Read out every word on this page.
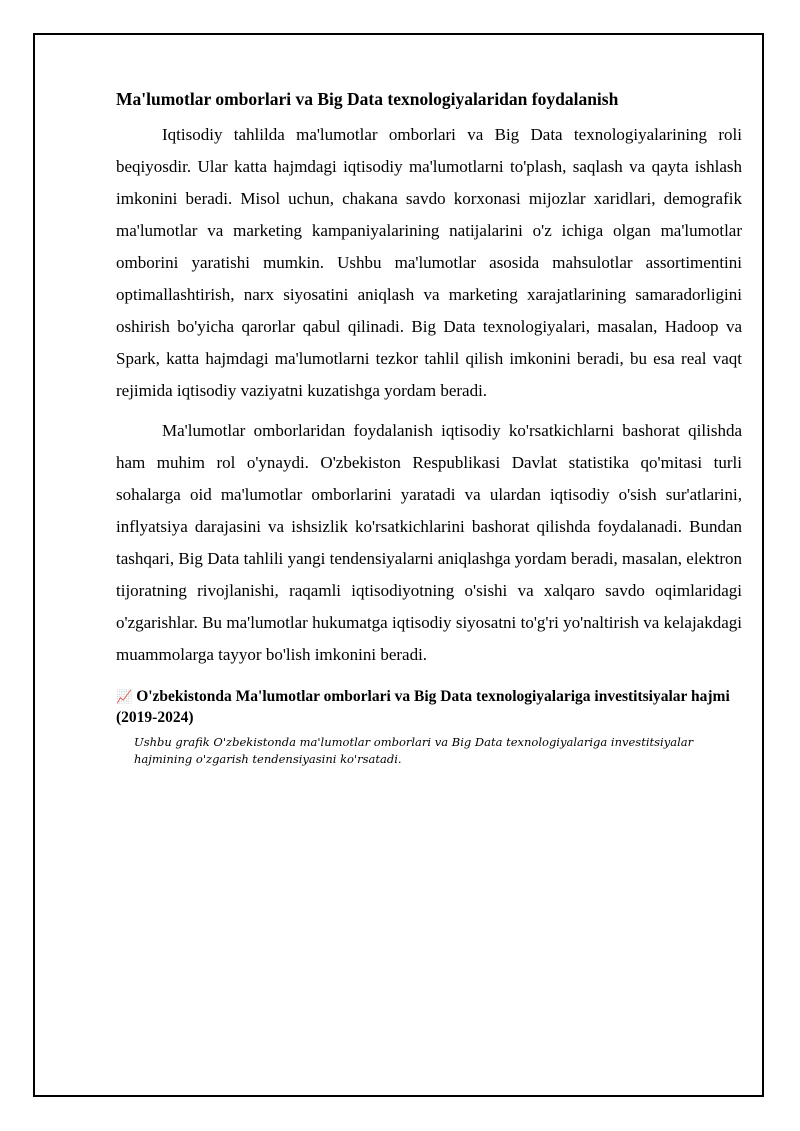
Ma'lumotlar omborlari va Big Data texnologiyalaridan foydalanish

Iqtisodiy tahlilda ma'lumotlar omborlari va Big Data texnologiyalarining roli beqiyosdir. Ular katta hajmdagi iqtisodiy ma'lumotlarni to'plash, saqlash va qayta ishlash imkonini beradi. Misol uchun, chakana savdo korxonasi mijozlar xaridlari, demografik ma'lumotlar va marketing kampaniyalarining natijalarini o'z ichiga olgan ma'lumotlar omborini yaratishi mumkin. Ushbu ma'lumotlar asosida mahsulotlar assortimentini optimallashtirish, narx siyosatini aniqlash va marketing xarajatlarining samaradorligini oshirish bo'yicha qarorlar qabul qilinadi. Big Data texnologiyalari, masalan, Hadoop va Spark, katta hajmdagi ma'lumotlarni tezkor tahlil qilish imkonini beradi, bu esa real vaqt rejimida iqtisodiy vaziyatni kuzatishga yordam beradi.

Ma'lumotlar omborlaridan foydalanish iqtisodiy ko'rsatkichlarni bashorat qilishda ham muhim rol o'ynaydi. O'zbekiston Respublikasi Davlat statistika qo'mitasi turli sohalarga oid ma'lumotlar omborlarini yaratadi va ulardan iqtisodiy o'sish sur'atlarini, inflyatsiya darajasini va ishsizlik ko'rsatkichlarini bashorat qilishda foydalanadi. Bundan tashqari, Big Data tahlili yangi tendensiyalarni aniqlashga yordam beradi, masalan, elektron tijoratning rivojlanishi, raqamli iqtisodiyotning o'sishi va xalqaro savdo oqimlaridagi o'zgarishlar. Bu ma'lumotlar hukumatga iqtisodiy siyosatni to'g'ri yo'naltirish va kelajakdagi muammolarga tayyor bo'lish imkonini beradi.

📈 O'zbekistonda Ma'lumotlar omborlari va Big Data texnologiyalariga investitsiyalar hajmi (2019-2024)
Ushbu grafik O'zbekistonda ma'lumotlar omborlari va Big Data texnologiyalariga investitsiyalar hajmining o'zgarish tendensiyasini ko'rsatadi.
